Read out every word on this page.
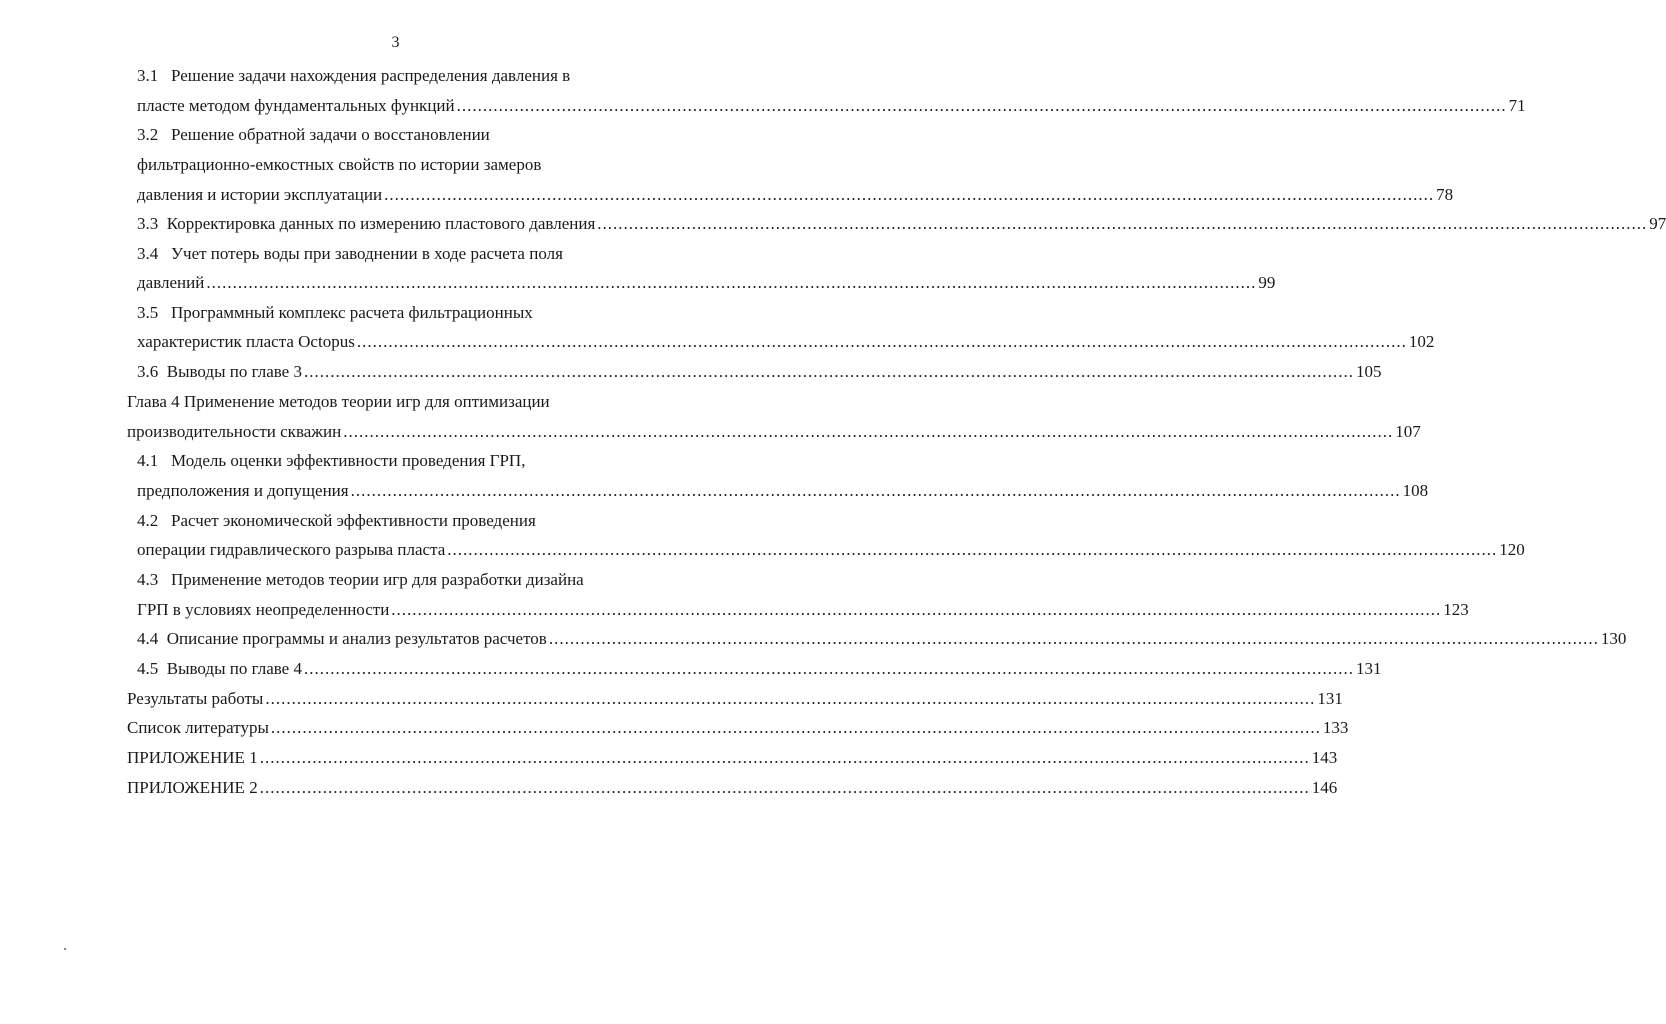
3
3.1 Решение задачи нахождения распределения давления в
пласте методом фундаментальных функций ........................................................................................................................................................................................................ 71
3.2 Решение обратной задачи о восстановлении
фильтрационно-емкостных свойств по истории замеров
давления и истории эксплуатации ........................................................................................................................................................................................................ 78
3.3
Корректировка данных по измерению пластового давления ........................................................................................................................................................................................................ 97
3.4 Учет потерь воды при заводнении в ходе расчета поля
давлений ........................................................................................................................................................................................................ 99
3.5 Программный комплекс расчета фильтрационных
характеристик пласта Octopus ........................................................................................................................................................................................................ 102
3.6
Выводы по главе 3 ........................................................................................................................................................................................................ 105
Глава 4 Применение методов теории игр для оптимизации
производительности скважин ........................................................................................................................................................................................................ 107
4.1 Модель оценки эффективности проведения ГРП,
предположения и допущения ........................................................................................................................................................................................................ 108
4.2 Расчет экономической эффективности проведения
операции гидравлического разрыва пласта ........................................................................................................................................................................................................ 120
4.3 Применение методов теории игр для разработки дизайна
ГРП в условиях неопределенности ........................................................................................................................................................................................................ 123
4.4
Описание программы и анализ результатов расчетов ........................................................................................................................................................................................................ 130
4.5
Выводы по главе 4 ........................................................................................................................................................................................................ 131
Результаты работы ........................................................................................................................................................................................................ 131
Список литературы ........................................................................................................................................................................................................ 133
ПРИЛОЖЕНИЕ 1 ........................................................................................................................................................................................................ 143
ПРИЛОЖЕНИЕ 2 ........................................................................................................................................................................................................ 146
